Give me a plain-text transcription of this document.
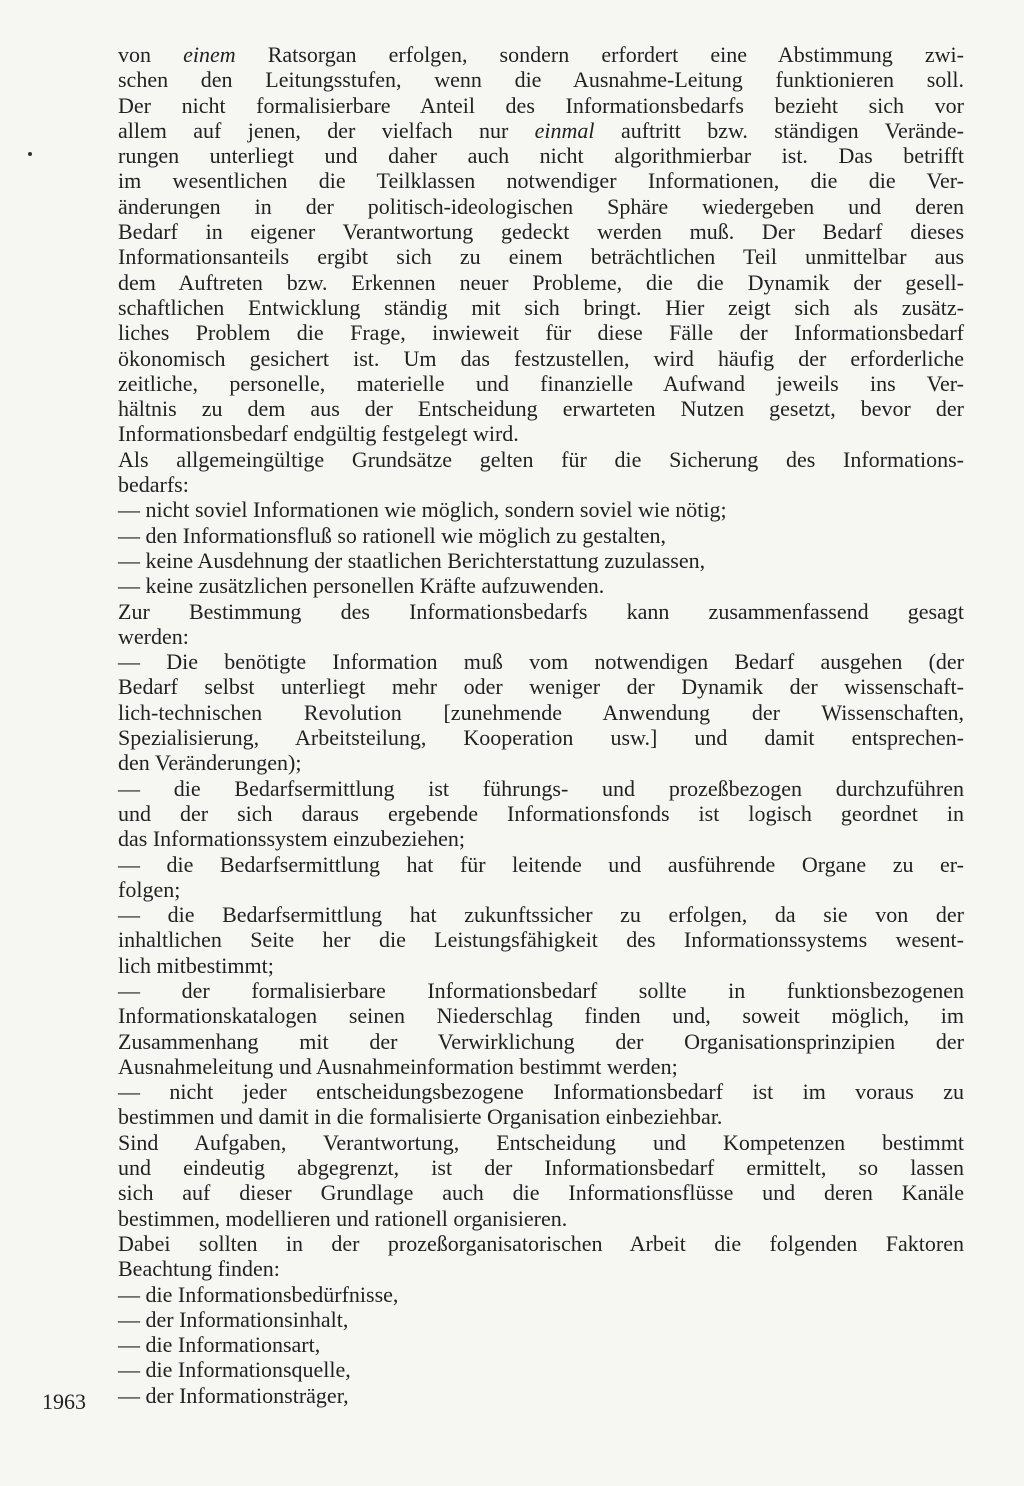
von einem Ratsorgan erfolgen, sondern erfordert eine Abstimmung zwi-
schen den Leitungsstufen, wenn die Ausnahme-Leitung funktionieren soll.
Der nicht formalisierbare Anteil des Informationsbedarfs bezieht sich vor
allem auf jenen, der vielfach nur einmal auftritt bzw. ständigen Verände-
rungen unterliegt und daher auch nicht algorithmierbar ist. Das betrifft
im wesentlichen die Teilklassen notwendiger Informationen, die die Ver-
änderungen in der politisch-ideologischen Sphäre wiedergeben und deren
Bedarf in eigener Verantwortung gedeckt werden muß. Der Bedarf dieses
Informationsanteils ergibt sich zu einem beträchtlichen Teil unmittelbar aus
dem Auftreten bzw. Erkennen neuer Probleme, die die Dynamik der gesell-
schaftlichen Entwicklung ständig mit sich bringt. Hier zeigt sich als zusätz-
liches Problem die Frage, inwieweit für diese Fälle der Informationsbedarf
ökonomisch gesichert ist. Um das festzustellen, wird häufig der erforderliche
zeitliche, personelle, materielle und finanzielle Aufwand jeweils ins Ver-
hältnis zu dem aus der Entscheidung erwarteten Nutzen gesetzt, bevor der
Informationsbedarf endgültig festgelegt wird.
Als allgemeingültige Grundsätze gelten für die Sicherung des Informations-
bedarfs:
— nicht soviel Informationen wie möglich, sondern soviel wie nötig;
— den Informationsfluß so rationell wie möglich zu gestalten,
— keine Ausdehnung der staatlichen Berichterstattung zuzulassen,
— keine zusätzlichen personellen Kräfte aufzuwenden.
Zur Bestimmung des Informationsbedarfs kann zusammenfassend gesagt
werden:
— Die benötigte Information muß vom notwendigen Bedarf ausgehen (der
Bedarf selbst unterliegt mehr oder weniger der Dynamik der wissenschaft-
lich-technischen Revolution [zunehmende Anwendung der Wissenschaften,
Spezialisierung, Arbeitsteilung, Kooperation usw.] und damit entsprechen-
den Veränderungen);
— die Bedarfsermittlung ist führungs- und prozeßbezogen durchzuführen
und der sich daraus ergebende Informationsfonds ist logisch geordnet in
das Informationssystem einzubeziehen;
— die Bedarfsermittlung hat für leitende und ausführende Organe zu er-
folgen;
— die Bedarfsermittlung hat zukunftssicher zu erfolgen, da sie von der
inhaltlichen Seite her die Leistungsfähigkeit des Informationssystems wesent-
lich mitbestimmt;
— der formalisierbare Informationsbedarf sollte in funktionsbezogenen
Informationskatalogen seinen Niederschlag finden und, soweit möglich, im
Zusammenhang mit der Verwirklichung der Organisationsprinzipien der
Ausnahmeleitung und Ausnahmeinformation bestimmt werden;
— nicht jeder entscheidungsbezogene Informationsbedarf ist im voraus zu
bestimmen und damit in die formalisierte Organisation einbeziehbar.
Sind Aufgaben, Verantwortung, Entscheidung und Kompetenzen bestimmt
und eindeutig abgegrenzt, ist der Informationsbedarf ermittelt, so lassen
sich auf dieser Grundlage auch die Informationsflüsse und deren Kanäle
bestimmen, modellieren und rationell organisieren.
Dabei sollten in der prozeßorganisatorischen Arbeit die folgenden Faktoren
Beachtung finden:
— die Informationsbedürfnisse,
— der Informationsinhalt,
— die Informationsart,
— die Informationsquelle,
— der Informationsträger,
1963
